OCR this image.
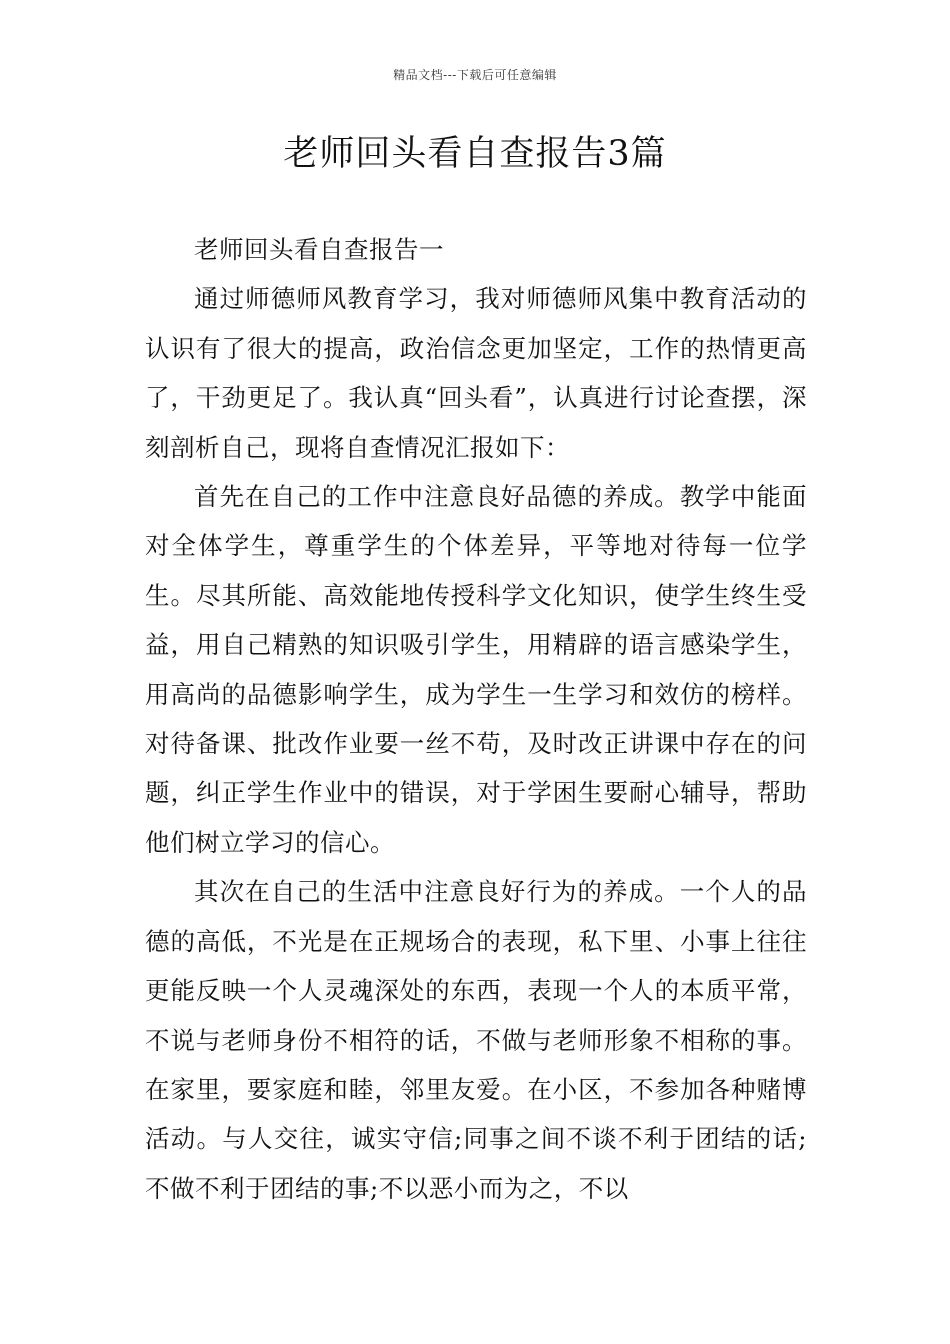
精品文档---下载后可任意编辑
老师回头看自查报告3篇

老师回头看自查报告一

通过师德师风教育学习，我对师德师风集中教育活动的认识有了很大的提高，政治信念更加坚定，工作的热情更高了，干劲更足了。我认真“回头看”，认真进行讨论查摆，深刻剖析自己，现将自查情况汇报如下：

首先在自己的工作中注意良好品德的养成。教学中能面对全体学生，尊重学生的个体差异，平等地对待每一位学生。尽其所能、高效能地传授科学文化知识，使学生终生受益，用自己精熟的知识吸引学生，用精辟的语言感染学生，用高尚的品德影响学生，成为学生一生学习和效仿的榜样。对待备课、批改作业要一丝不苟，及时改正讲课中存在的问题，纠正学生作业中的错误，对于学困生要耐心辅导，帮助他们树立学习的信心。

其次在自己的生活中注意良好行为的养成。一个人的品德的高低，不光是在正规场合的表现，私下里、小事上往往更能反映一个人灵魂深处的东西，表现一个人的本质平常，不说与老师身份不相符的话，不做与老师形象不相称的事。在家里，要家庭和睦，邻里友爱。在小区，不参加各种赌博活动。与人交往，诚实守信;同事之间不谈不利于团结的话;不做不利于团结的事;不以恶小而为之，不以
